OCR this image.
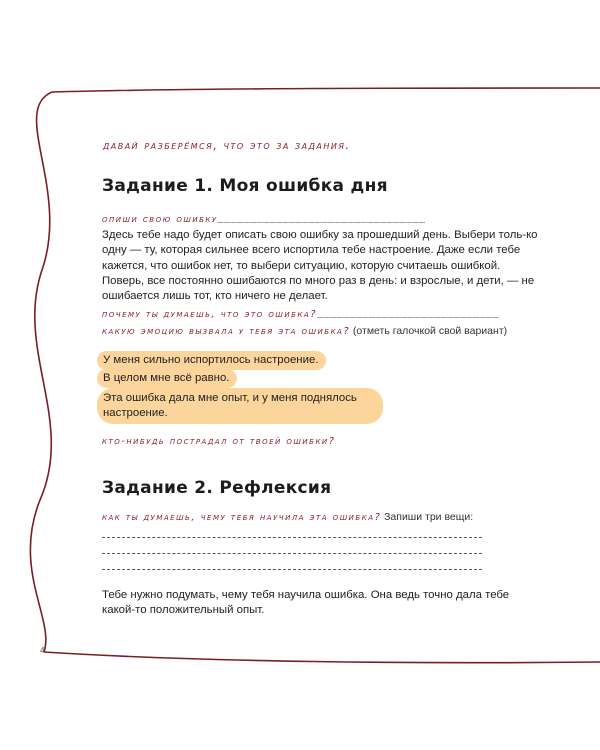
давай разберёмся, что это за задания.
Задание 1. Моя ошибка дня
опиши свою ошибку________________________________
Здесь тебе надо будет описать свою ошибку за прошедший день. Выбери толь-ко одну — ту, которая сильнее всего испортила тебе настроение. Даже если тебе кажется, что ошибок нет, то выбери ситуацию, которую считаешь ошибкой. Поверь, все постоянно ошибаются по много раз в день: и взрослые, и дети, — не ошибается лишь тот, кто ничего не делает.
почему ты думаешь, что это ошибка?____________________________
какую эмоцию вызвала у тебя эта ошибка? (отметь галочкой свой вариант)
У меня сильно испортилось настроение.
В целом мне всё равно.
Эта ошибка дала мне опыт, и у меня поднялось настроение.
кто-нибудь пострадал от твоей ошибки?
Задание 2. Рефлексия
как ты думаешь, чему тебя научила эта ошибка? Запиши три вещи:
Тебе нужно подумать, чему тебя научила ошибка. Она ведь точно дала тебе какой-то положительный опыт.
4
